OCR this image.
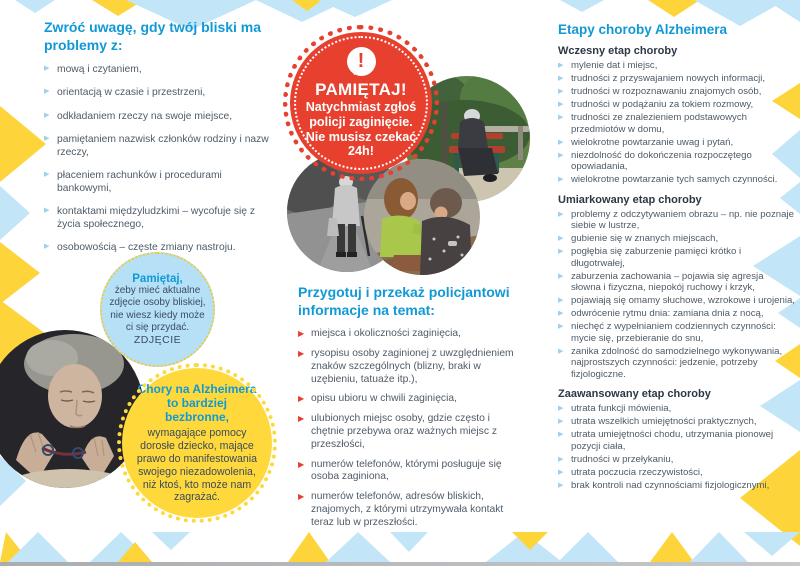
Pamiętaj,
żeby mieć aktualne zdjęcie osoby bliskiej, nie wiesz kiedy może ci się przydać.
ZDJĘCIE
Chory na Alzheimera to bardziej bezbronne,
wymagające pomocy dorosłe dziecko, mające prawo do manifestowania swojego niezadowolenia, niż ktoś, kto może nam zagrażać.
!
PAMIĘTAJ!
Natychmiast zgłoś policji zaginięcie.
Nie musisz czekać 24h!
Zwróć uwagę, gdy twój bliski ma problemy z:
▶
mową i czytaniem,
▶
orientacją w czasie i przestrzeni,
▶
odkładaniem rzeczy na swoje miejsce,
▶
pamiętaniem nazwisk członków rodziny i nazw rzeczy,
▶
płaceniem rachunków i procedurami bankowymi,
▶
kontaktami międzyludzkimi – wycofuje się z życia społecznego,
▶
osobowością – częste zmiany nastroju.
Przygotuj i przekaż policjantowi informacje na temat:
▶
miejsca i okoliczności zaginięcia,
▶
rysopisu osoby zaginionej z uwzględnieniem znaków szczególnych (blizny, braki w uzębieniu, tatuaże itp.),
▶
opisu ubioru w chwili zaginięcia,
▶
ulubionych miejsc osoby, gdzie często i chętnie przebywa oraz ważnych miejsc z przeszłości,
▶
numerów telefonów, którymi posługuje się osoba zaginiona,
▶
numerów telefonów, adresów bliskich, znajomych, z którymi utrzymywała kontakt teraz lub w przeszłości.
Etapy choroby Alzheimera
Wczesny etap choroby
▶
mylenie dat i miejsc,
▶
trudności z przyswajaniem nowych informacji,
▶
trudności w rozpoznawaniu znajomych osób,
▶
trudności w podążaniu za tokiem rozmowy,
▶
trudności ze znalezieniem podstawowych przedmiotów w domu,
▶
wielokrotne powtarzanie uwag i pytań,
▶
niezdolność do dokończenia rozpoczętego opowiadania,
▶
wielokrotne powtarzanie tych samych czynności.
Umiarkowany etap choroby
▶
problemy z odczytywaniem obrazu – np. nie poznaje siebie w lustrze,
▶
gubienie się w znanych miejscach,
▶
pogłębia się zaburzenie pamięci krótko i długotrwałej,
▶
zaburzenia zachowania – pojawia się agresja słowna i fizyczna, niepokój ruchowy i krzyk,
▶
pojawiają się omamy słuchowe, wzrokowe i urojenia,
▶
odwrócenie rytmu dnia: zamiana dnia z nocą,
▶
niechęć z wypełnianiem codziennych czynności: mycie się, przebieranie do snu,
▶
zanika zdolność do samodzielnego wykonywania, najprostszych czynności: jedzenie, potrzeby fizjologiczne.
Zaawansowany etap choroby
▶
utrata funkcji mówienia,
▶
utrata wszelkich umiejętności praktycznych,
▶
utrata umiejętności chodu, utrzymania pionowej pozycji ciała,
▶
trudności w przełykaniu,
▶
utrata poczucia rzeczywistości,
▶
brak kontroli nad czynnościami fizjologicznymi,
